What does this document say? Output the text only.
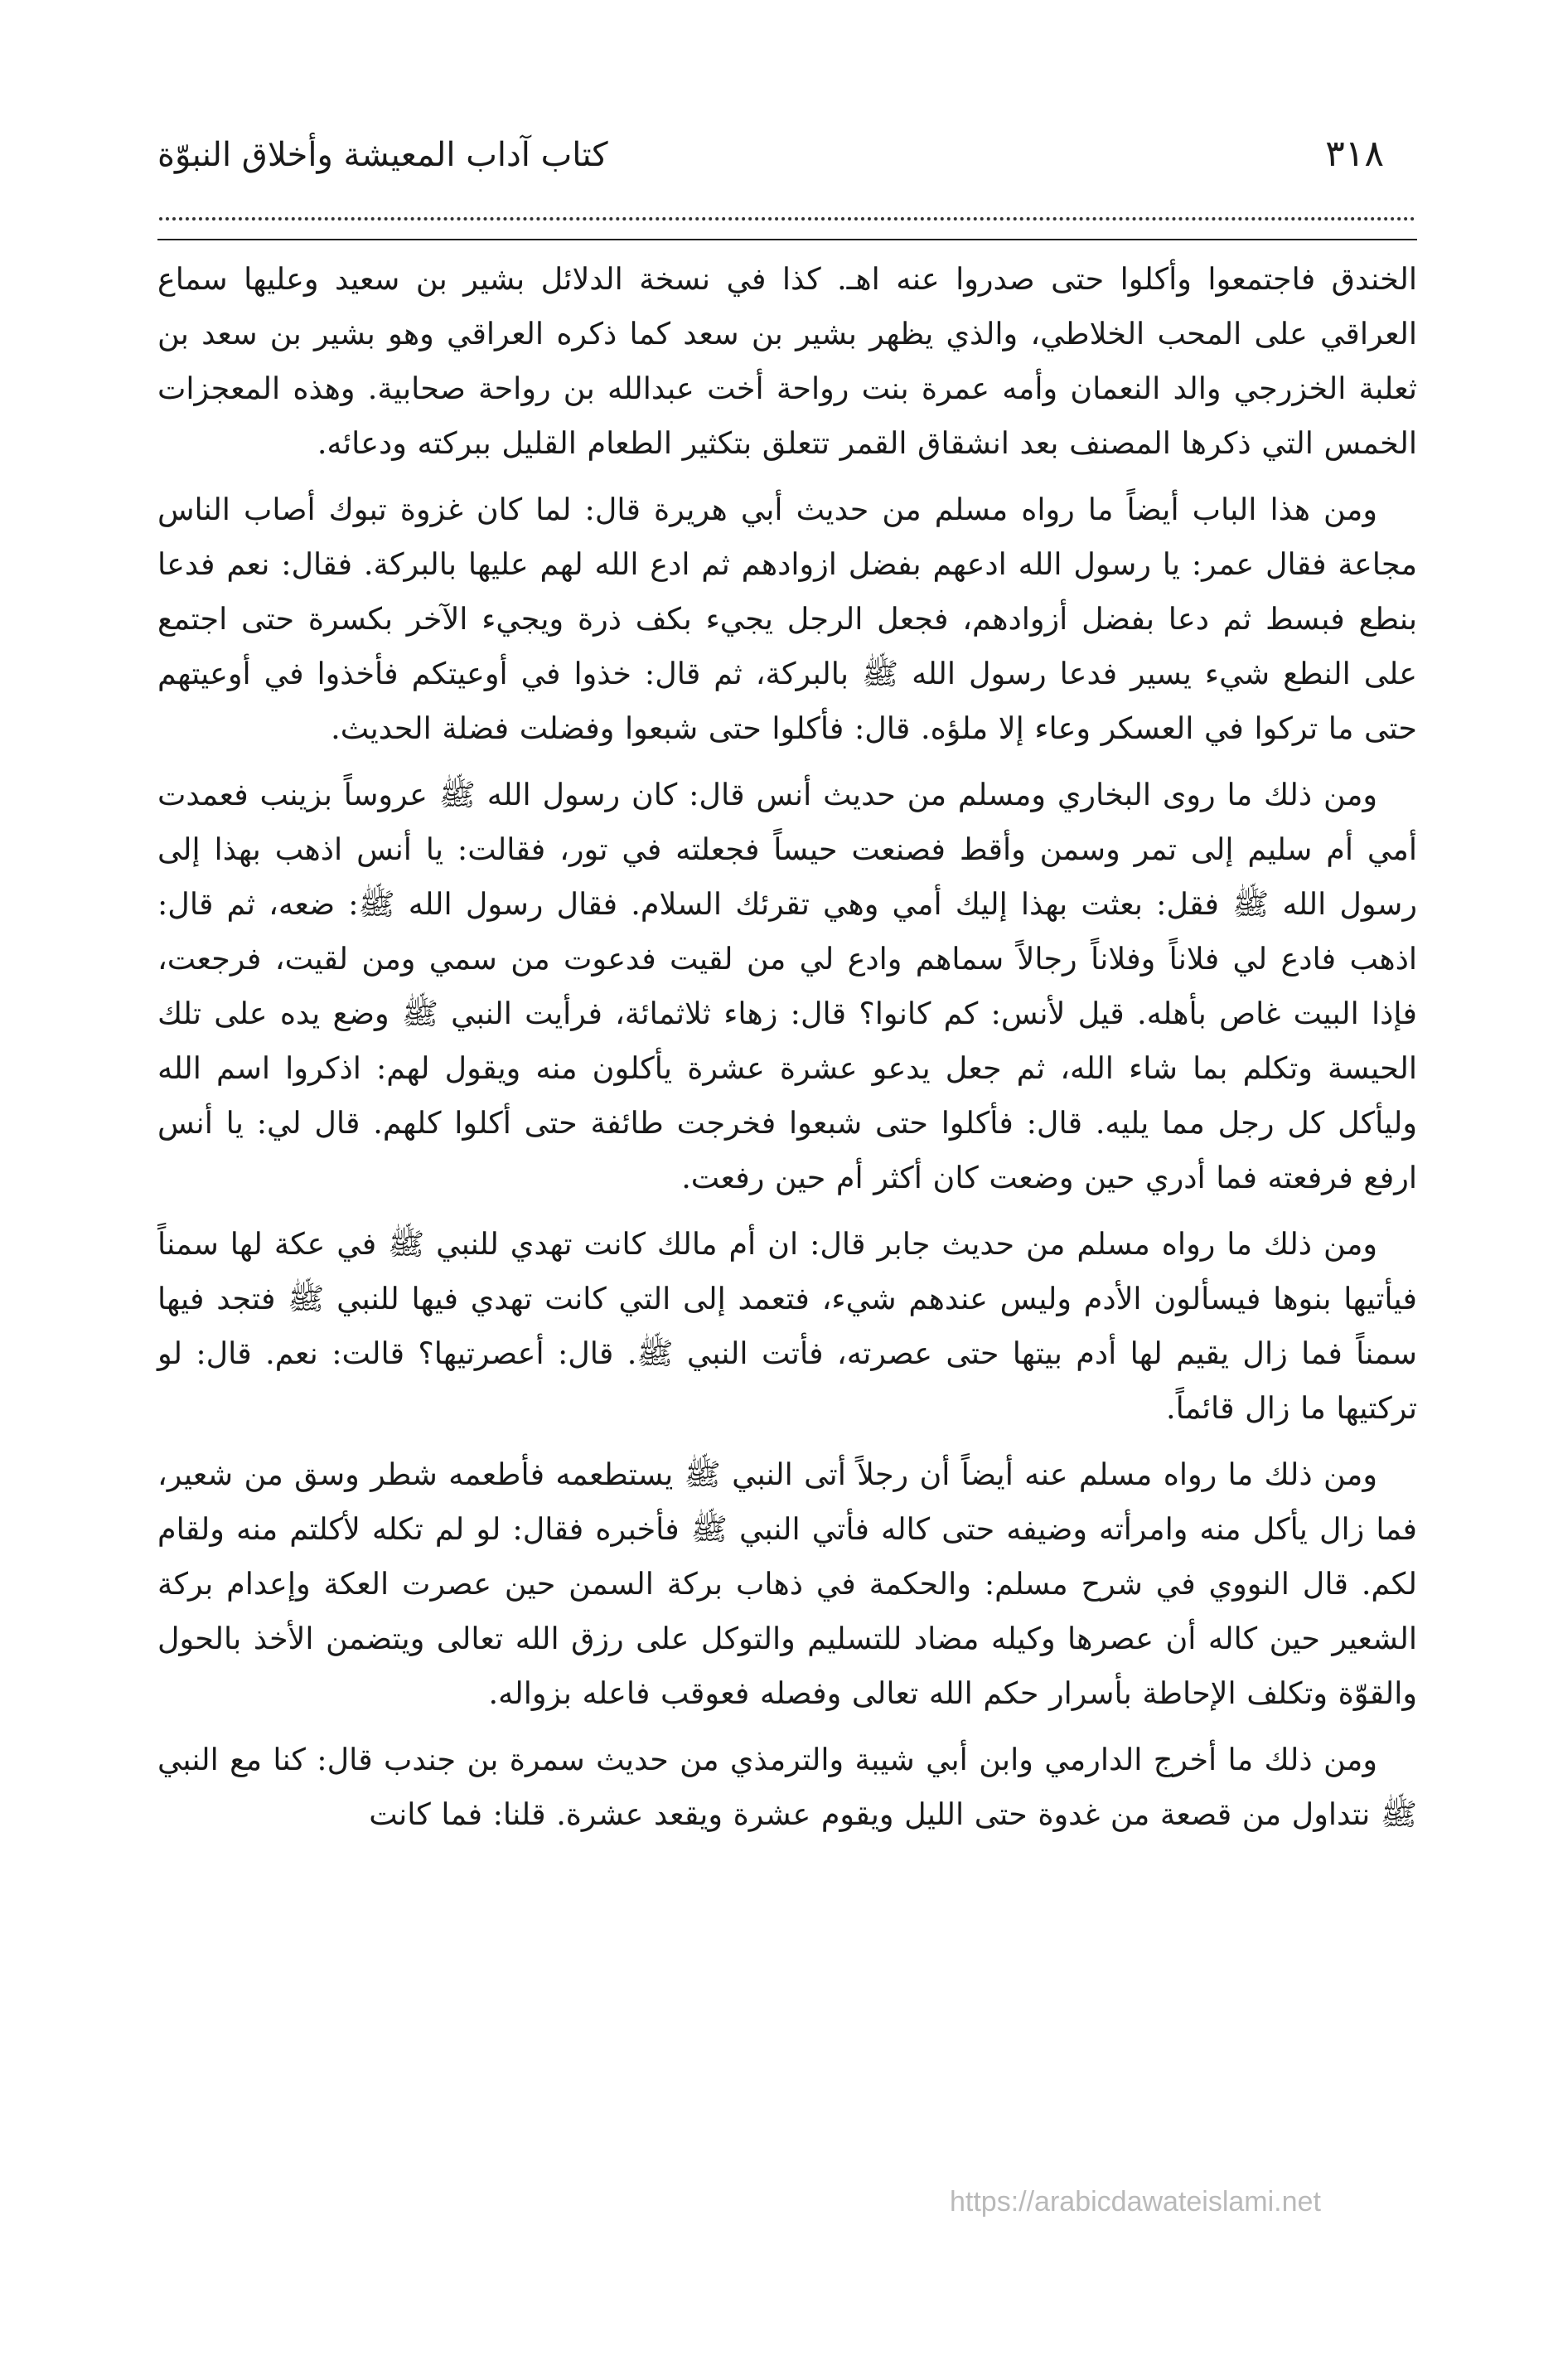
٣١٨
كتاب آداب المعيشة وأخلاق النبوّة

الخندق فاجتمعوا وأكلوا حتى صدروا عنه اهـ. كذا في نسخة الدلائل بشير بن سعيد وعليها سماع العراقي على المحب الخلاطي، والذي يظهر بشير بن سعد كما ذكره العراقي وهو بشير بن سعد بن ثعلبة الخزرجي والد النعمان وأمه عمرة بنت رواحة أخت عبدالله بن رواحة صحابية. وهذه المعجزات الخمس التي ذكرها المصنف بعد انشقاق القمر تتعلق بتكثير الطعام القليل ببركته ودعائه.

ومن هذا الباب أيضاً ما رواه مسلم من حديث أبي هريرة قال: لما كان غزوة تبوك أصاب الناس مجاعة فقال عمر: يا رسول الله ادعهم بفضل ازوادهم ثم ادع الله لهم عليها بالبركة. فقال: نعم فدعا بنطع فبسط ثم دعا بفضل أزوادهم، فجعل الرجل يجيء بكف ذرة ويجيء الآخر بكسرة حتى اجتمع على النطع شيء يسير فدعا رسول الله ﷺ بالبركة، ثم قال: خذوا في أوعيتكم فأخذوا في أوعيتهم حتى ما تركوا في العسكر وعاء إلا ملؤه. قال: فأكلوا حتى شبعوا وفضلت فضلة الحديث.

ومن ذلك ما روى البخاري ومسلم من حديث أنس قال: كان رسول الله ﷺ عروساً بزينب فعمدت أمي أم سليم إلى تمر وسمن وأقط فصنعت حيساً فجعلته في تور، فقالت: يا أنس اذهب بهذا إلى رسول الله ﷺ فقل: بعثت بهذا إليك أمي وهي تقرئك السلام. فقال رسول الله ﷺ: ضعه، ثم قال: اذهب فادع لي فلاناً وفلاناً رجالاً سماهم وادع لي من لقيت فدعوت من سمي ومن لقيت، فرجعت، فإذا البيت غاص بأهله. قيل لأنس: كم كانوا؟ قال: زهاء ثلاثمائة، فرأيت النبي ﷺ وضع يده على تلك الحيسة وتكلم بما شاء الله، ثم جعل يدعو عشرة عشرة يأكلون منه ويقول لهم: اذكروا اسم الله وليأكل كل رجل مما يليه. قال: فأكلوا حتى شبعوا فخرجت طائفة حتى أكلوا كلهم. قال لي: يا أنس ارفع فرفعته فما أدري حين وضعت كان أكثر أم حين رفعت.

ومن ذلك ما رواه مسلم من حديث جابر قال: ان أم مالك كانت تهدي للنبي ﷺ في عكة لها سمناً فيأتيها بنوها فيسألون الأدم وليس عندهم شيء، فتعمد إلى التي كانت تهدي فيها للنبي ﷺ فتجد فيها سمناً فما زال يقيم لها أدم بيتها حتى عصرته، فأتت النبي ﷺ. قال: أعصرتيها؟ قالت: نعم. قال: لو تركتيها ما زال قائماً.

ومن ذلك ما رواه مسلم عنه أيضاً أن رجلاً أتى النبي ﷺ يستطعمه فأطعمه شطر وسق من شعير، فما زال يأكل منه وامرأته وضيفه حتى كاله فأتي النبي ﷺ فأخبره فقال: لو لم تكله لأكلتم منه ولقام لكم. قال النووي في شرح مسلم: والحكمة في ذهاب بركة السمن حين عصرت العكة وإعدام بركة الشعير حين كاله أن عصرها وكيله مضاد للتسليم والتوكل على رزق الله تعالى ويتضمن الأخذ بالحول والقوّة وتكلف الإحاطة بأسرار حكم الله تعالى وفصله فعوقب فاعله بزواله.

ومن ذلك ما أخرج الدارمي وابن أبي شيبة والترمذي من حديث سمرة بن جندب قال: كنا مع النبي ﷺ نتداول من قصعة من غدوة حتى الليل ويقوم عشرة ويقعد عشرة. قلنا: فما كانت

https://arabicdawateislami.net
